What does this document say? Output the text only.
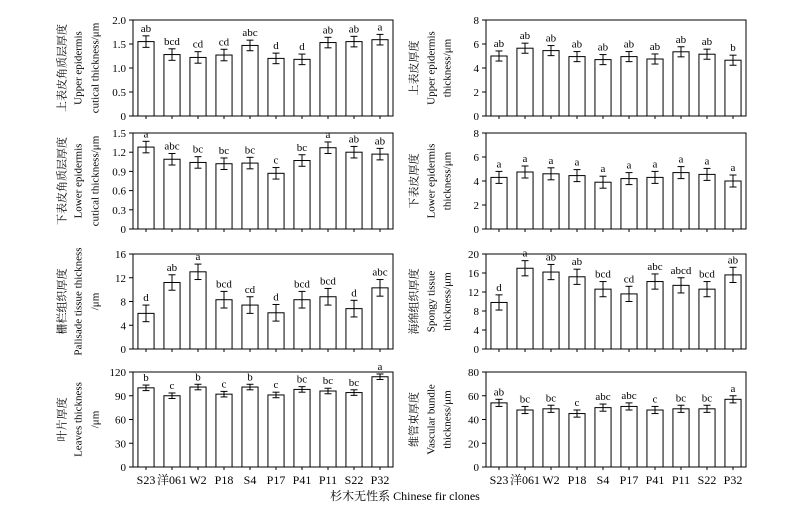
0
0.5
1.0
1.5
2.0
上表皮角质层厚度 Upper epidermis cutical thickness/μm	ab
bcd cd cd
abc
d d
ab ab a
0
2
4
6
8
上表皮厚度 Upper epidermis thickness/μm	ab
ab ab ab ab ab ab
ab ab b
0
0.3
0.6
0.9
1.2
1.5
下表皮角质层厚度 Lower epidermis cutical thickness/μm
a
abc bc bc bc
c
bc
a ab ab
0
2
4
6
8
下表皮厚度 Lower epidermis thickness/μm	a a a a
a a a a a
a
0
4
8
12
16
栅栏组织厚度 Palisade tissue thickness /μm	d
ab
a
bcd cd
d
bcd bcd
d
abc
0
4
8
12
16
20
海绵组织厚度 Spongy tissue thickness/μm	d
a ab ab
bcd cd
abc abcd bcd
ab
0
30
60
90
120
叶片厚度 Leaves thickness /μm
b
c
b
c
b
c bc bc bc
a
0
20
40
60
80
维管束厚度 Vascular bundle thickness/μm	ab
bc bc c abc abc c bc bc
a
S23 洋061 W2 P18 S4 P17 P41 P11 S22 P32	S23 洋061 W2 P18 S4 P17 P41 P11 S22 P32
杉木无性系 Chinese fir clones
